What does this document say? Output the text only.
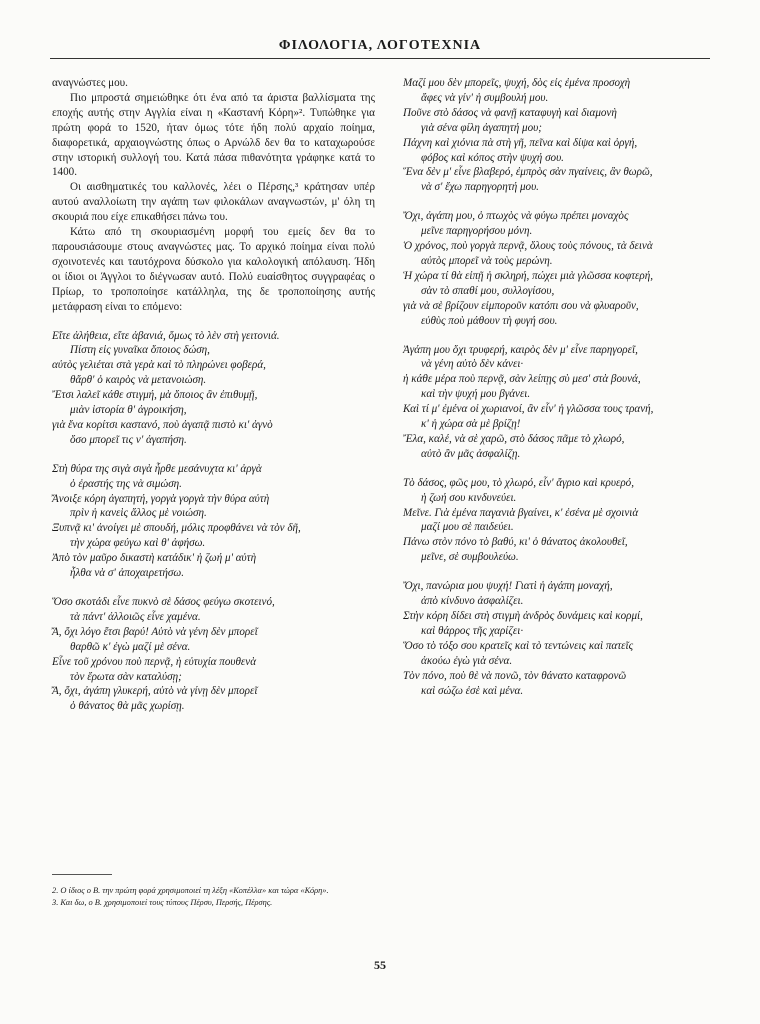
ΦΙΛΟΛΟΓΙΑ, ΛΟΓΟΤΕΧΝΙΑ

αναγνώστες μου.

Πιο μπροστά σημειώθηκε ότι ένα από τα άριστα βαλλίσματα της εποχής αυτής στην Αγγλία είναι η «Καστανή Κόρη»². Τυπώθηκε για πρώτη φορά το 1520, ήταν όμως τότε ήδη πολύ αρχαίο ποίημα, διαφορετικά, αρχαιογνώστης όπως ο Αρνώλδ δεν θα το καταχωρούσε στην ιστορική συλλογή του. Κατά πάσα πιθανότητα γράφηκε κατά το 1400.

Οι αισθηματικές του καλλονές, λέει ο Πέρσης,³ κράτησαν υπέρ αυτού αναλλοίωτη την αγάπη των φιλοκάλων αναγνωστών, μ' όλη τη σκουριά που είχε επικαθήσει πάνω του.

Κάτω από τη σκουριασμένη μορφή του εμείς δεν θα το παρουσιάσουμε στους αναγνώστες μας. Το αρχικό ποίημα είναι πολύ σχοινοτενές και ταυτόχρονα δύσκολο για καλολογική απόλαυση. Ήδη οι ίδιοι οι Άγγλοι το διέγνωσαν αυτό. Πολύ ευαίσθητος συγγραφέας ο Πρίωρ, το τροποποίησε κατάλληλα, της δε τροποποίησης αυτής μετάφραση είναι το επόμενο:

Εἴτε ἀλήθεια, εἴτε ἀβανιά, ὅμως τὸ λὲν στὴ γειτονιά.
Πίστη εἰς γυναῖκα ὅποιος δώση,
αὐτὸς γελιέται στὰ γερὰ καὶ τὸ πληρώνει φοβερά,
θἄρθ' ὁ καιρὸς νὰ μετανοιώση.
Ἔτσι λαλεῖ κάθε στιγμή, μὰ ὅποιος ἂν ἐπιθυμῇ,
μιὰν ἱστορία θ' ἀγροικήση,
γιὰ ἕνα κορίτσι καστανό, ποὺ ἀγαπᾷ πιστὸ κι' ἁγνὸ
ὅσο μπορεῖ τις ν' ἀγαπήση.
Στὴ θύρα της σιγὰ σιγὰ ἦρθε μεσάνυχτα κι' ἀργὰ
ὁ ἐραστής της νὰ σιμώση.
Ἄνοιξε κόρη ἀγαπητή, γοργὰ γοργὰ τὴν θύρα αὐτὴ
πρὶν ἡ κανεὶς ἄλλος μὲ νοιώση.
Ξυπνᾷ κι' ἀνοίγει μὲ σπουδή, μόλις προφθάνει νὰ τὸν δῆ,
τὴν χώρα φεύγω καὶ θ' ἀφήσω.
Ἀπὸ τὸν μαῦρο δικαστὴ κατάδικ' ἡ ζωή μ' αὐτὴ
ἦλθα νὰ σ' ἀποχαιρετήσω.
Ὅσο σκοτάδι εἶνε πυκνὸ σὲ δάσος φεύγω σκοτεινό,
τὰ πάντ' ἀλλοιῶς εἶνε χαμένα.
Ἄ, ὄχι λόγο ἔτσι βαρύ! Αὐτὸ νὰ γένη δὲν μπορεῖ
θαρθῶ κ' ἐγὼ μαζί μὲ σένα.
Εἶνε τοῦ χρόνου ποὺ περνᾷ, ἡ εὐτυχία πουθενὰ
τὸν ἔρωτα σὰν καταλύσῃ;
Ἄ, ὄχι, ἀγάπη γλυκερή, αὐτὸ νὰ γίνῃ δὲν μπορεῖ
ὁ θάνατος θὰ μᾶς χωρίσῃ.
Μαζί μου δὲν μπορεῖς, ψυχή, δὸς εἰς ἐμένα προσοχὴ
ἄφες νὰ γίν' ἡ συμβουλή μου.
Ποῦνε στὸ δάσος νὰ φανῇ καταφυγὴ καὶ διαμονὴ
γιὰ σένα φίλη ἀγαπητή μου;
Πάχνη καὶ χιόνια πὰ στὴ γῆ, πεῖνα καὶ δίψα καὶ ὀργή,
φόβος καὶ κόπος στὴν ψυχή σου.
Ἕνα δὲν μ' εἶνε βλαβερό, ἐμπρὸς σὰν πγαίνεις, ἂν θωρῶ,
νὰ σ' ἔχω παρηγορητή μου.
Ὄχι, ἀγάπη μου, ὁ πτωχὸς νὰ φύγω πρέπει μοναχὸς
μεῖνε παρηγορήσου μόνη.
Ὁ χρόνος, ποὺ γοργὰ περνᾷ, ὅλους τοὺς πόνους, τὰ δεινὰ
αὐτὸς μπορεῖ νὰ τοὺς μερώνη.
Ἡ χώρα τί θὰ εἰπῇ ἡ σκληρή, πώχει μιὰ γλῶσσα κοφτερή,
σὰν τὸ σπαθί μου, συλλογίσου,
γιὰ νὰ σὲ βρίζουν εἰμποροῦν κατόπι σου νὰ φλυαροῦν,
εὐθὺς ποὺ μάθουν τὴ φυγή σου.
Ἀγάπη μου ὄχι τρυφερή, καιρὸς δὲν μ' εἶνε παρηγορεῖ,
νὰ γένη αὐτὸ δὲν κάνει·
ἡ κάθε μέρα ποὺ περνᾷ, σὰν λείπῃς σὺ μεσ' στὰ βουνά,
καὶ τὴν ψυχή μου βγάνει.
Καὶ τί μ' ἐμένα οἱ χωριανοί, ἂν εἶν' ἡ γλῶσσα τους τρανή,
κ' ἡ χώρα σὰ μὲ βρίζῃ!
Ἔλα, καλέ, νὰ σὲ χαρῶ, στὸ δάσος πᾶμε τὸ χλωρό,
αὐτὸ ἂν μᾶς ἀσφαλίζῃ.
Τὸ δάσος, φῶς μου, τὸ χλωρό, εἶν' ἄγριο καὶ κρυερό,
ἡ ζωή σου κινδυνεύει.
Μεῖνε. Γιὰ ἐμένα παγανιὰ βγαίνει, κ' ἐσένα μὲ σχοινιὰ
μαζί μου σὲ παιδεύει.
Πάνω στὸν πόνο τὸ βαθύ, κι' ὁ θάνατος ἀκολουθεῖ,
μεῖνε, σὲ συμβουλεύω.
Ὄχι, πανώρια μου ψυχή! Γιατὶ ἡ ἀγάπη μοναχή,
ἀπὸ κίνδυνο ἀσφαλίζει.
Στὴν κόρη δίδει στὴ στιγμὴ ἀνδρὸς δυνάμεις καὶ κορμί,
καὶ θάρρος τῆς χαρίζει·
Ὅσο τὸ τόξο σου κρατεῖς καὶ τὸ τεντώνεις καὶ πατεῖς
ἀκούω ἐγὼ γιὰ σένα.
Τὸν πόνο, ποὺ θὲ νὰ πονῶ, τὸν θάνατο καταφρονῶ
καὶ σώζω ἐσὲ καὶ μένα.

2. Ο ίδιος ο Β. την πρώτη φορά χρησιμοποιεί τη λέξη «Κοπέλλα» και τώρα «Κόρη».

3. Και δω, ο Β. χρησιμοποιεί τους τύπους Πέρσυ, Περσής, Πέρσης.

55
